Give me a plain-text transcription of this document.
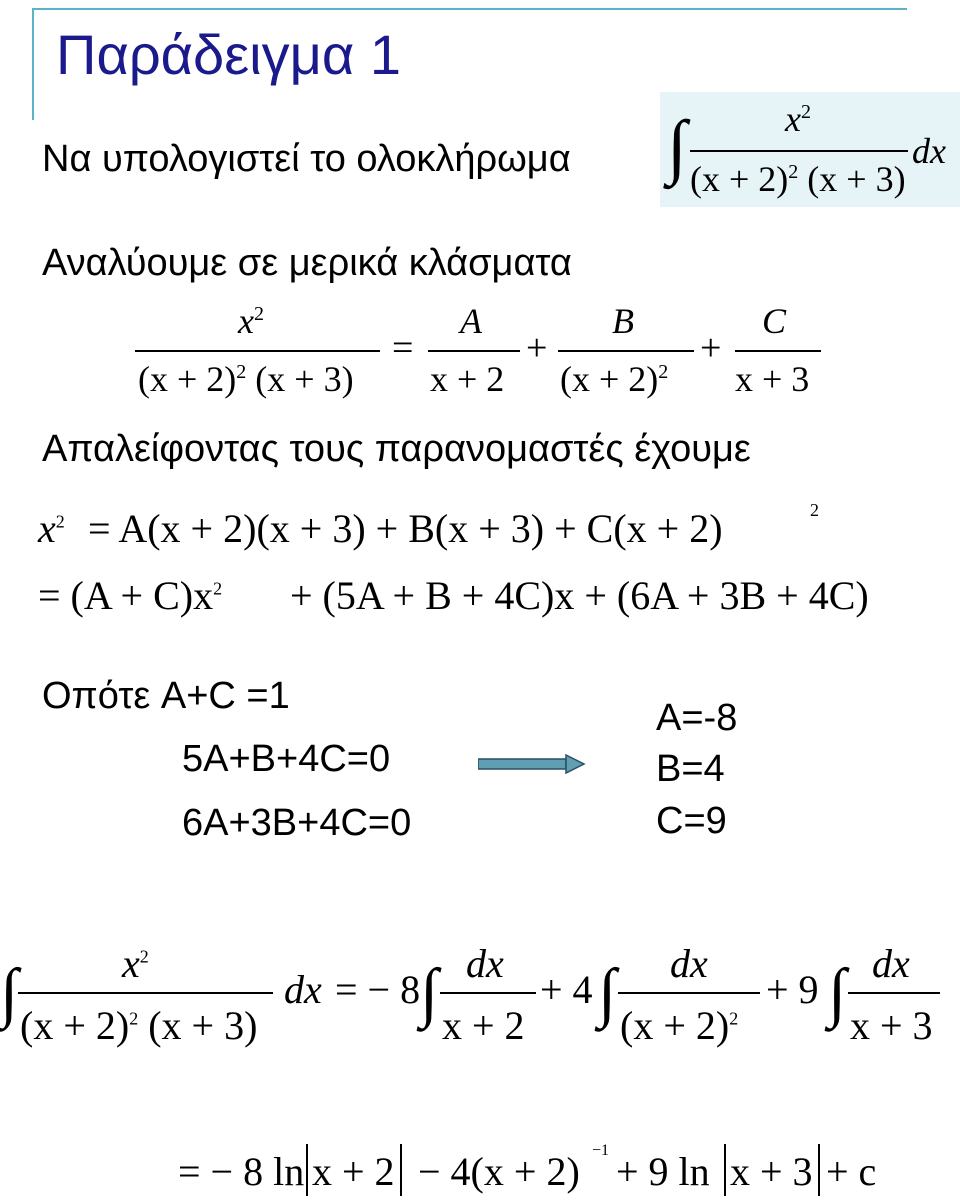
Παράδειγμα 1
Να υπολογιστεί το ολοκλήρωμα ∫	$x^2$
$(x + 2)^2$ (x + 3)
dx
Αναλύουμε σε μερικά κλάσματα
$x^2$
$(x + 2)^2$ (x + 3)
=
A
x + 2
+
B
$(x + 2)^2$
+
C
x + 3
Απαλείφοντας τους παρανομαστές έχουμε
$x^2 = A(x + 2)(x + 3) + B(x + 3) + C(x + 2)$	2
= $(A + C)x^2 + (5A + B + 4C)x + (6A + 3B + 4C)$
Οπότε A+C =1
5A+B+4C=0
6A+3B+4C=0
A=-8
B=4
C=9
∫	$x^2$
$(x + 2)^2$ (x + 3)
dx = − 8 ∫ dx
x + 2
+ 4 ∫ dx
$(x + 2)^2$
+ 9 ∫ dx
x + 3
= − 8 ln x + 2 − 4(x + 2) −1 + 9 ln x + 3 + c
